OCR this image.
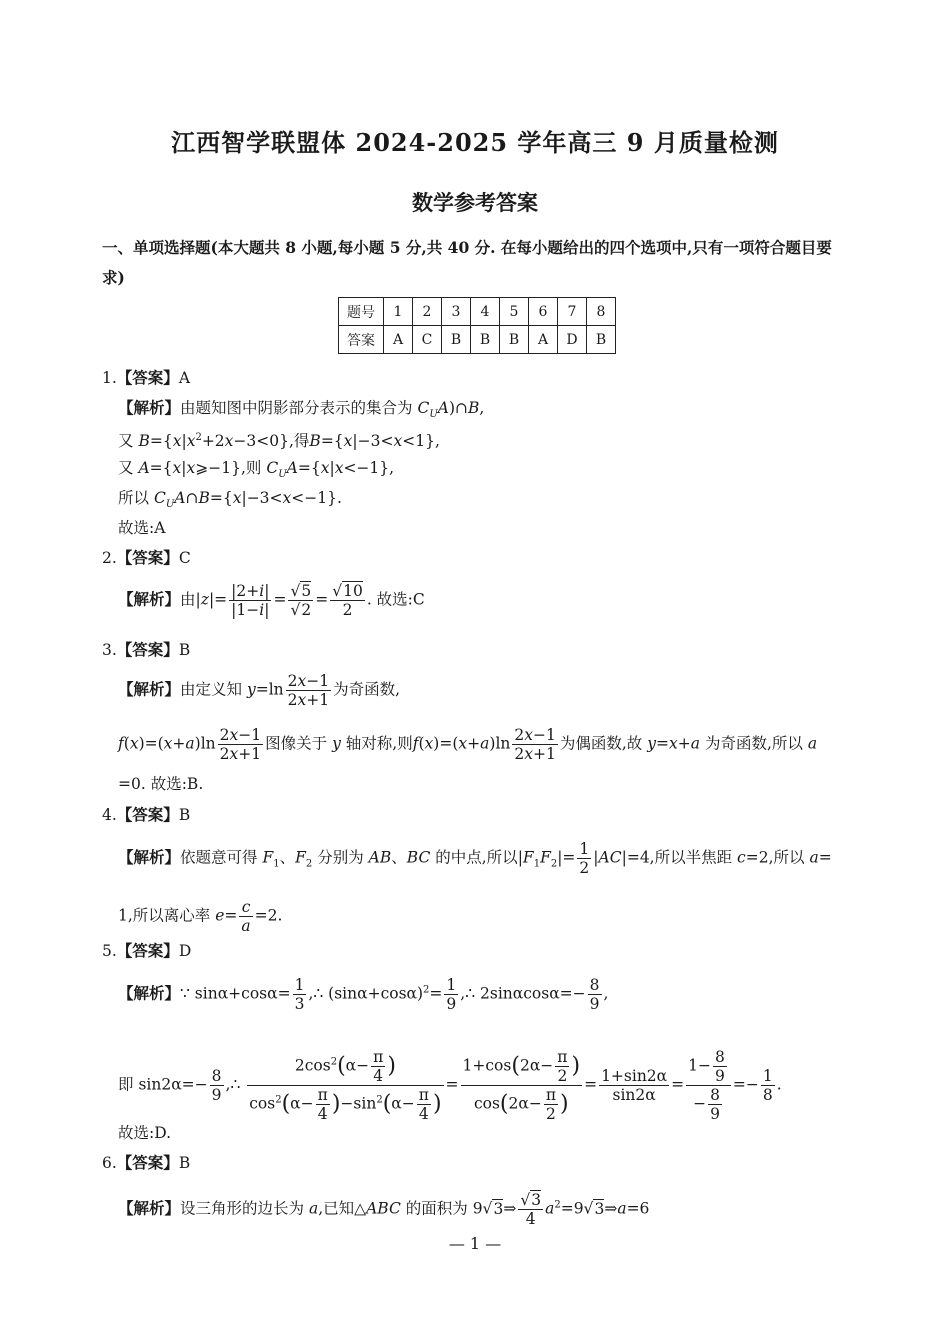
江西智学联盟体 2024-2025 学年高三 9 月质量检测
数学参考答案
一、单项选择题(本大题共 8 小题,每小题 5 分,共 40 分. 在每小题给出的四个选项中,只有一项符合题目要求)
题号	1	2	3	4	5	6	7	8
答案	A	C	B	B	B	A	D	B
1.【答案】A
【解析】由题知图中阴影部分表示的集合为 $C_UA)\cap B$,
又 $B=\{x|x^2+2x-3<0\}$,得B={x|−3<x<1},
又 A={x|x⩾−1},则 $C_UA=\{x|x<-1\}$,
所以 $C_UA\cap B=\{x|-3<x<-1\}$.
故选:A
2.【答案】C
【解析】由$|z|= \frac{|2+i|}{|1-i|} = \frac{√5}{√2} = \frac{√10}{2}$ . 故选:C
3.【答案】B
【解析】由定义知 $y=\ln \frac{2x-1}{2x+1}$ 为奇函数,
$f(x)=(x+a)\ln \frac{2x-1}{2x+1}$ 图像关于 y 轴对称,则$f(x)=(x+a)\ln \frac{2x-1}{2x+1}$ 为偶函数,故 y=x+a 为奇函数,所以 a
=0. 故选:B.
4.【答案】B
【解析】依题意可得 $F_1$、$F_2$ 分别为 AB、BC 的中点,所以$|F_1F_2|= \frac{1}{2} |AC|=4$,所以半焦距 c=2,所以 a=
1,所以离心率 $e= \frac{c}{a} =2$.
5.【答案】D
【解析】∵ $\sin\alpha+\cos\alpha= \frac{1}{3}$ ,∴ $(\sin\alpha+\cos\alpha)^2= \frac{1}{9}$ ,∴ $2\sin\alpha\cos\alpha=- \frac{8}{9}$ ,
即 $\sin 2\alpha=- \frac{8}{9}$ ,∴ $\frac{2\cos^2(\alpha- \frac{\pi}{4} )}{\cos^2(\alpha- \frac{\pi}{4} )-\sin^2(\alpha- \frac{\pi}{4} )} = \frac{1+\cos(2\alpha- \frac{\pi}{2} )}{\cos(2\alpha- \frac{\pi}{2} )} = \frac{1+\sin 2\alpha}{\sin 2\alpha} = \frac{1- \frac{8}{9}}{- \frac{8}{9}} =- \frac{1}{8}$ .
故选:D.
6.【答案】B
【解析】设三角形的边长为 a,已知△ABC 的面积为 9√3⇒ $\frac{√3}{4}$ $a^2=9√3\Rightarrow a=6$
— 1 —
